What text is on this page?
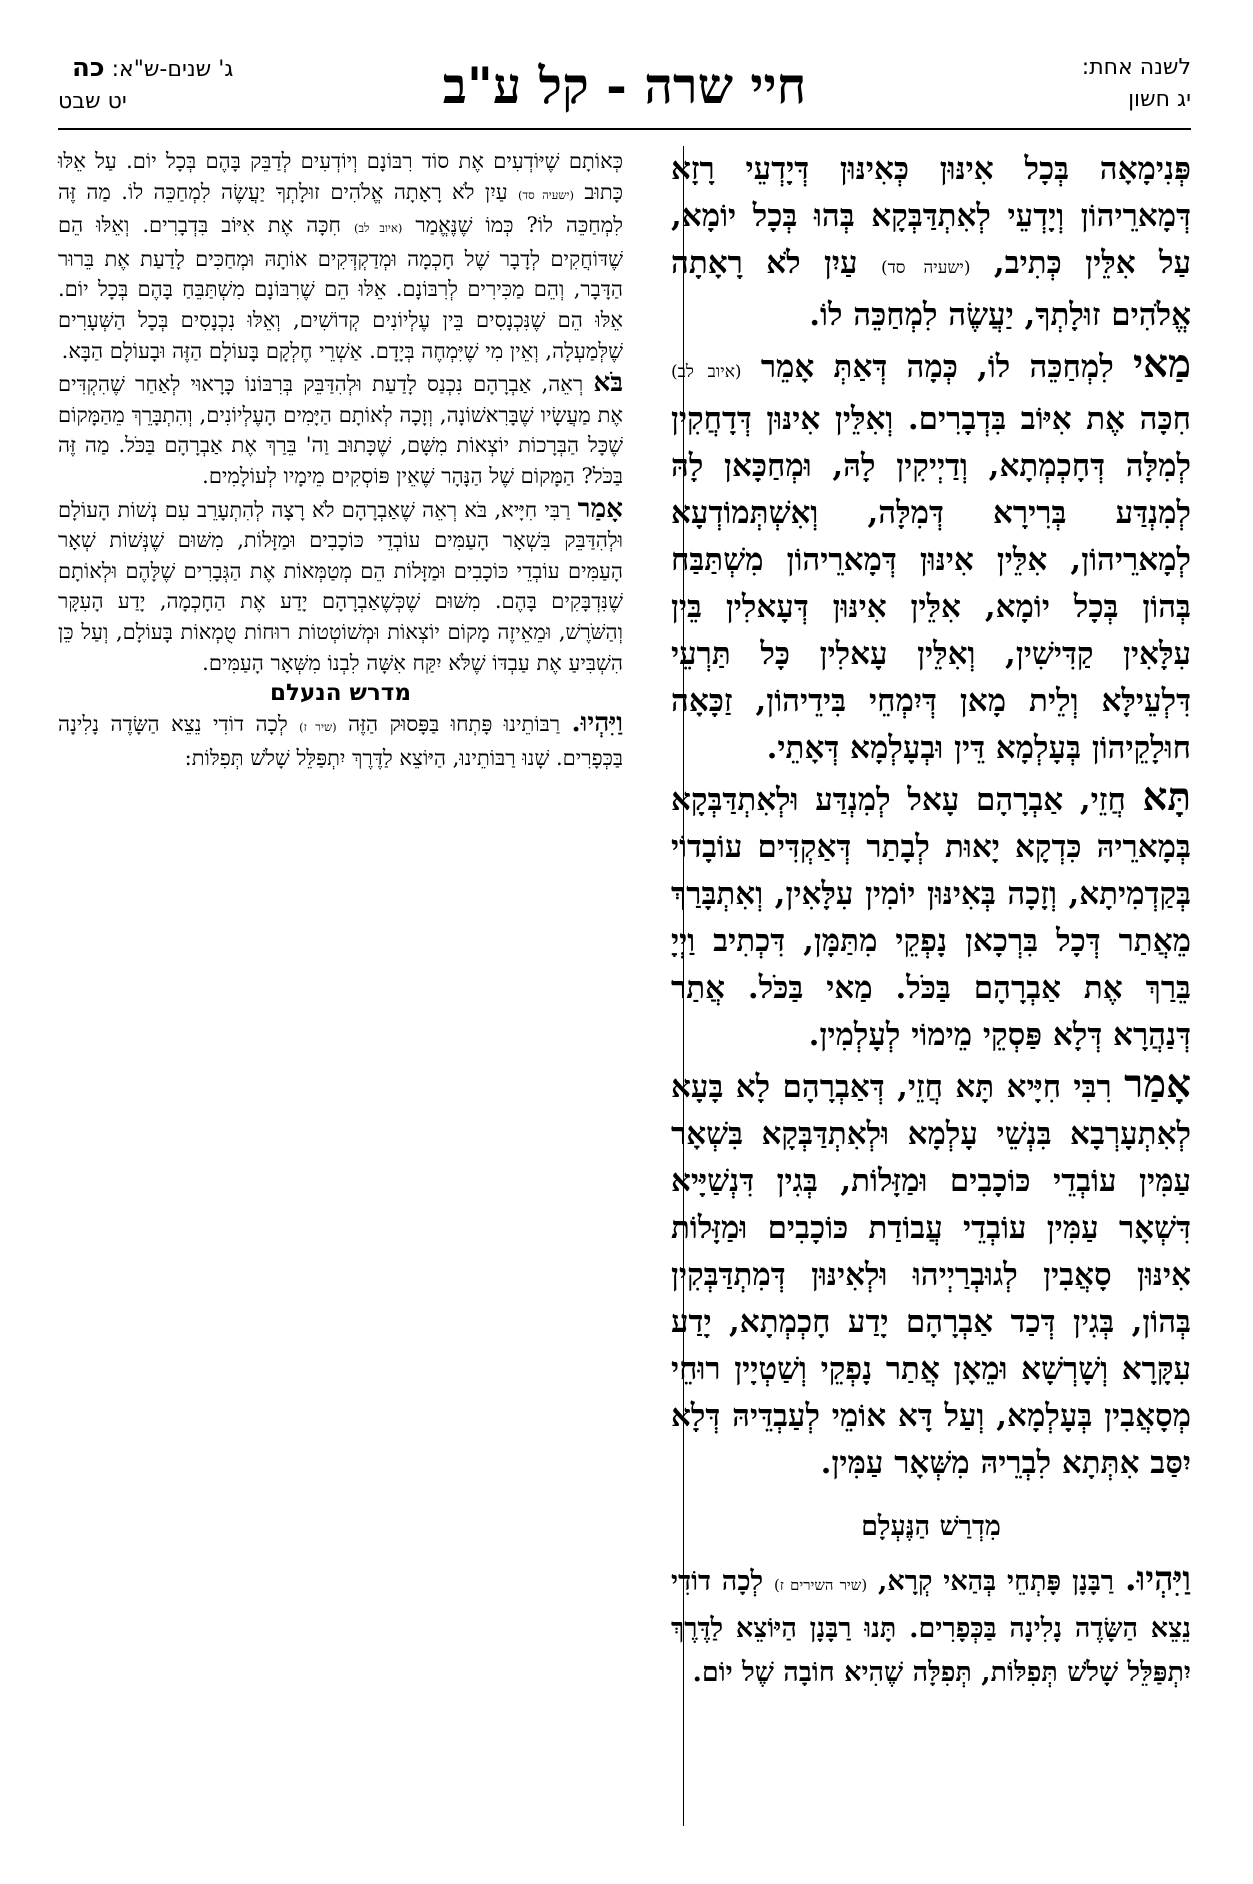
לשנה אחת:
יג חשון
חיי שרה - קל ע"ב
ג' שנים-ש"א: כה
יט שבט

פְּנִימָאָה בְּכָל אִינּוּן כְּאִינּוּן דְּיָדְעֵי רָזָא דְּמָארֵיהוֹן וְיָדְעֵי לְאִתְדַּבְּקָא בְּהוּ בְּכָל יוֹמָא, עַל אִלֵּין כְּתִיב, (ישעיה סד) עַיִן לֹא רָאָתָה אֱלֹהִים זוּלָתְךָ, יַעֲשֶׂה לִמְחַכֵּה לוֹ.

מַאי לִמְחַכֵּה לוֹ, כְּמָה דְּאַתְּ אָמֵר (איוב לב) חִכָּה אֶת אִיּוֹב בִּדְבָרִים. וְאִלֵּין אִינּוּן דְּדָחֲקִין לְמִלָּה דְּחָכְמְתָא, וְדַיְיקִין לָהּ, וּמְחַכָּאן לָהּ לְמִנְדַּע בְּרִירָא דְּמִלָּה, וְאִשְׁתְּמוֹדְעָא לְמָארֵיהוֹן, אִלֵּין אִינּוּן דְּמָארֵיהוֹן מִשְׁתַּבַּח בְּהוֹן בְּכָל יוֹמָא, אִלֵּין אִינּוּן דְּעָאלִין בֵּין עִלָּאִין קַדִּישִׁין, וְאִלֵּין עָאלִין כָּל תַּרְעֵי דִּלְעֵילָּא וְלֵית מָאן דְּיִמְחֵי בִּידֵיהוֹן, זַכָּאָה חוּלָקֵיהוֹן בְּעָלְמָא דֵּין וּבְעָלְמָא דְּאָתֵי.

תָּא חֲזֵי, אַבְרָהָם עָאל לְמִנְדַּע וּלְאִתְדַּבְּקָא בְּמָארֵיהּ כִּדְקָא יָאוּת לְבָתַר דְּאַקְדִּים עוֹבָדוֹי בְּקַדְמִיתָא, וְזָכָה בְּאִינּוּן יוֹמִין עִלָּאִין, וְאִתְבָּרַךְ מֵאֲתַר דְּכָל בִּרְכָאן נָפְקֵי מִתַּמָּן, דִּכְתִיב וַיְיָ בֵּרַךְ אֶת אַבְרָהָם בַּכֹּל. מַאי בַּכֹּל. אֲתַר דְּנַהֲרָא דְּלָא פַּסְקֵי מֵימוֹי לְעָלְמִין.

אָמַר רִבִּי חִיָּיא תָּא חֲזֵי, דְּאַבְרָהָם לָא בָּעָא לְאִתְעָרְבָא בִּנְשֵׁי עָלְמָא וּלְאִתְדַּבְּקָא בִּשְׁאָר עַמִּין עוֹבְדֵי כּוֹכָבִים וּמַזָּלוֹת, בְּגִין דִּנְשַׁיָּיא דִּשְׁאָר עַמִּין עוֹבְדֵי עֲבוֹדַת כּוֹכָבִים וּמַזָּלוֹת אִינּוּן סָאֲבִין לְגוּבְרַיְיהוּ וּלְאִינּוּן דְּמִתְדַּבְּקִין בְּהוֹן, בְּגִין דְּכַד אַבְרָהָם יָדַע חָכְמְתָא, יָדַע עִקָּרָא וְשָׁרְשָׁא וּמֵאָן אֲתַר נָפְקֵי וְשַׁטְיָין רוּחֵי מְסָאֲבִין בְּעָלְמָא, וְעַל דָּא אוֹמֵי לְעַבְדֵּיהּ דְּלָא יִסַּב אִתְּתָא לִבְרֵיהּ מִשְּׁאָר עַמִּין.

מִדְרַשׁ הַנֶּעְלָם

וַיִּהְיוּ. רַבָּנָן פָּתְחֵי בְּהַאי קְרָא, (שיר השירים ז) לְכָה דוֹדִי נֵצֵא הַשָּׂדֶה נָלִינָה בַּכְּפָרִים. תָּנוּ רַבָּנָן הַיּוֹצֵא לַדֶּרֶךְ יִתְפַּלֵּל שָׁלֹשׁ תְּפִלּוֹת, תְּפִלָּה שֶׁהִיא חוֹבָה שֶׁל יוֹם.

כְּאוֹתָם שֶׁיּוֹדְעִים אֶת סוֹד רִבּוֹנָם וְיוֹדְעִים לְדַבֵּק בָּהֶם בְּכָל יוֹם. עַל אֵלּוּ כָּתוּב (ישעיה סד) עַיִן לֹא רָאָתָה אֱלֹהִים זוּלָתְךָ יַעֲשֶׂה לִמְחַכֵּה לוֹ. מַה זֶּה לִמְחַכֵּה לוֹ? כְּמוֹ שֶׁנֶּאֱמַר (איוב לב) חִכָּה אֶת אִיּוֹב בִּדְבָרִים. וְאֵלּוּ הֵם שֶׁדּוֹחֲקִים לְדָבָר שֶׁל חָכְמָה וּמְדַקְדְּקִים אוֹתָהּ וּמְחַכִּים לָדַעַת אֶת בֵּרוּר הַדָּבָר, וְהֵם מַכִּירִים לְרִבּוֹנָם. אֵלּוּ הֵם שֶׁרִבּוֹנָם מִשְׁתַּבֵּחַ בָּהֶם בְּכָל יוֹם. אֵלּוּ הֵם שֶׁנִּכְנָסִים בֵּין עֶלְיוֹנִים קְדוֹשִׁים, וְאֵלּוּ נִכְנָסִים בְּכָל הַשְּׁעָרִים שֶׁלְּמַעְלָה, וְאֵין מִי שֶׁיִּמְחֶה בְּיָדָם. אַשְׁרֵי חֶלְקָם בָּעוֹלָם הַזֶּה וּבָעוֹלָם הַבָּא.

בֹּא רְאֵה, אַבְרָהָם נִכְנַס לָדַעַת וּלְהִדַּבֵּק בְּרִבּוֹנוֹ כָּרָאוּי לְאַחַר שֶׁהִקְדִּים אֶת מַעֲשָׂיו שֶׁבָּרִאשׁוֹנָה, וְזָכָה לְאוֹתָם הַיָּמִים הָעֶלְיוֹנִים, וְהִתְבָּרֵךְ מֵהַמָּקוֹם שֶׁכָּל הַבְּרָכוֹת יוֹצְאוֹת מִשָּׁם, שֶׁכָּתוּב וַה' בֵּרַךְ אֶת אַבְרָהָם בַּכֹּל. מַה זֶּה בַּכֹּל? הַמָּקוֹם שֶׁל הַנָּהָר שֶׁאֵין פּוֹסְקִים מֵימָיו לְעוֹלָמִים.

אָמַר רַבִּי חִיָּיא, בֹּא רְאֵה שֶׁאַבְרָהָם לֹא רָצָה לְהִתְעָרֵב עִם נְשׁוֹת הָעוֹלָם וּלְהִדַּבֵּק בִּשְׁאָר הָעַמִּים עוֹבְדֵי כּוֹכָבִים וּמַזָּלוֹת, מִשּׁוּם שֶׁנְּשׁוֹת שְׁאָר הָעַמִּים עוֹבְדֵי כּוֹכָבִים וּמַזָּלוֹת הֵם מְטַמְּאוֹת אֶת הַגְּבָרִים שֶׁלָּהֶם וּלְאוֹתָם שֶׁנִּדְבָּקִים בָּהֶם. מִשּׁוּם שֶׁכְּשֶׁאַבְרָהָם יָדַע אֶת הַחָכְמָה, יָדַע הָעִקָּר וְהַשֹּׁרֶשׁ, וּמֵאֵיזֶה מָקוֹם יוֹצְאוֹת וּמְשׁוֹטְטוֹת רוּחוֹת טֻמְאוֹת בָּעוֹלָם, וְעַל כֵּן הִשְׁבִּיעַ אֶת עַבְדּוֹ שֶׁלֹּא יִקַּח אִשָּׁה לִבְנוֹ מִשְּׁאָר הָעַמִּים.

מדרש הנעלם

וַיִּהְיוּ. רַבּוֹתֵינוּ פָּתְחוּ בַּפָּסוּק הַזֶּה (שיר ז) לְכָה דוֹדִי נֵצֵא הַשָּׂדֶה נָלִינָה בַּכְּפָרִים. שָׁנוּ רַבּוֹתֵינוּ, הַיּוֹצֵא לַדֶּרֶךְ יִתְפַּלֵּל שָׁלֹשׁ תְּפִלּוֹת:
